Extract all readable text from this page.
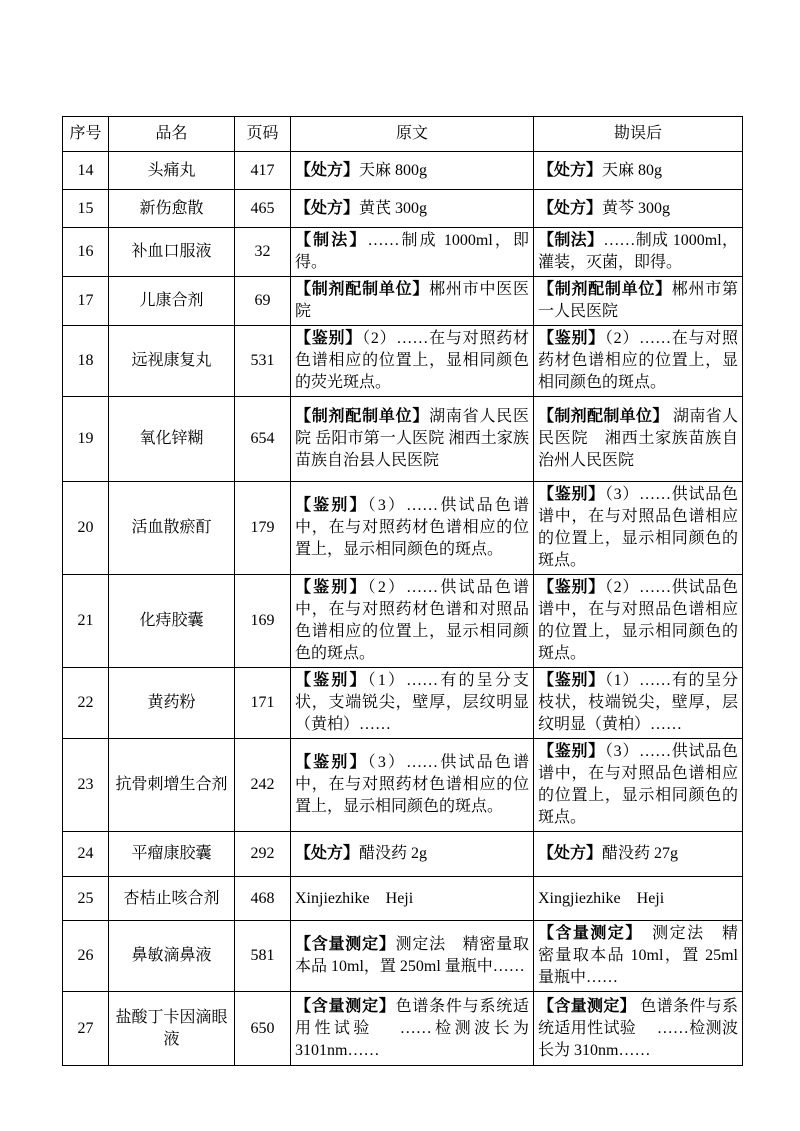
序号	品名	页码	原文	勘误后
14	头痛丸	417	【处方】天麻 800g	【处方】天麻 80g
15	新伤愈散	465	【处方】黄芪 300g	【处方】黄芩 300g
16	补血口服液	32	【制法】……制成 1000ml，即得。	【制法】……制成 1000ml，灌装，灭菌，即得。
17	儿康合剂	69	【制剂配制单位】郴州市中医医院	【制剂配制单位】郴州市第一人民医院
18	远视康复丸	531	【鉴别】（2）……在与对照药材色谱相应的位置上，显相同颜色的荧光斑点。	【鉴别】（2）……在与对照药材色谱相应的位置上，显相同颜色的斑点。
19	氧化锌糊	654	【制剂配制单位】湖南省人民医院 岳阳市第一人医院 湘西土家族苗族自治县人民医院	【制剂配制单位】 湖南省人民医院　湘西土家族苗族自治州人民医院
20	活血散瘀酊	179	【鉴别】（3）……供试品色谱中，在与对照药材色谱相应的位置上，显示相同颜色的斑点。	【鉴别】（3）……供试品色谱中，在与对照品色谱相应的位置上，显示相同颜色的斑点。
21	化痔胶囊	169	【鉴别】（2）……供试品色谱中，在与对照药材色谱和对照品色谱相应的位置上，显示相同颜色的斑点。	【鉴别】（2）……供试品色谱中，在与对照品色谱相应的位置上，显示相同颜色的斑点。
22	黄药粉	171	【鉴别】（1）……有的呈分支状，支端锐尖，壁厚，层纹明显（黄柏）……	【鉴别】（1）……有的呈分枝状，枝端锐尖，壁厚，层纹明显（黄柏）……
23	抗骨刺增生合剂	242	【鉴别】（3）……供试品色谱中，在与对照药材色谱相应的位置上，显示相同颜色的斑点。	【鉴别】（3）……供试品色谱中，在与对照品色谱相应的位置上，显示相同颜色的斑点。
24	平瘤康胶囊	292	【处方】醋没药 2g	【处方】醋没药 27g
25	杏桔止咳合剂	468	Xinjiezhike　Heji	Xingjiezhike　Heji
26	鼻敏滴鼻液	581	【含量测定】测定法　精密量取本品 10ml，置 250ml 量瓶中……	【含量测定】　测定法　精密量取本品 10ml，置 25ml 量瓶中……
27	盐酸丁卡因滴眼液	650	【含量测定】色谱条件与系统适用性试验　 ……检测波长为 3101nm……	【含量测定】 色谱条件与系统适用性试验　 ……检测波长为 310nm……
